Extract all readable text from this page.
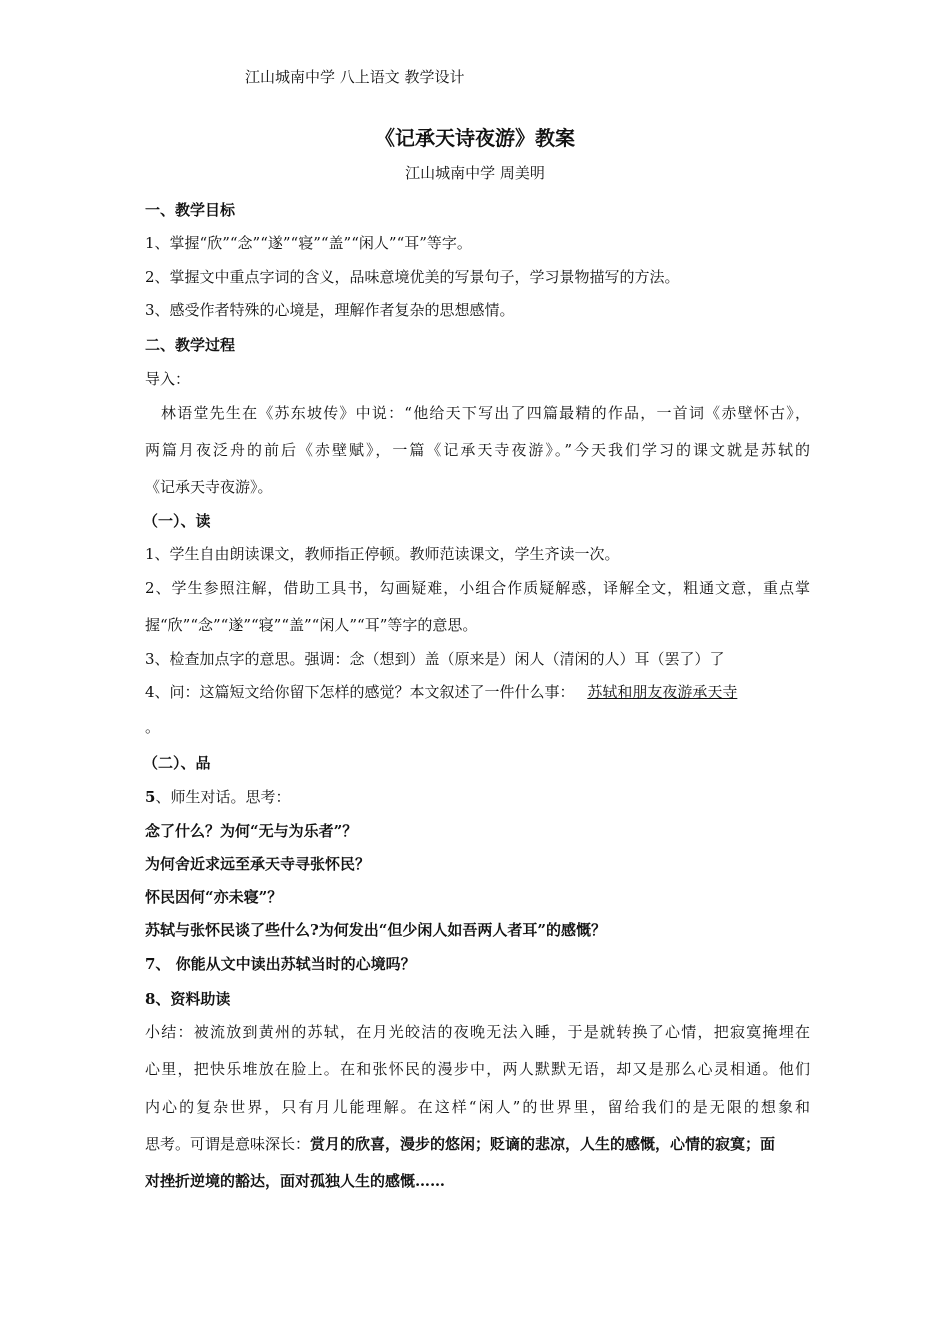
江山城南中学 八上语文 教学设计
《记承天诗夜游》教案
江山城南中学 周美明
一、教学目标
1、掌握“欣”“念”“遂”“寝”“盖”“闲人”“耳”等字。
2、掌握文中重点字词的含义，品味意境优美的写景句子，学习景物描写的方法。
3、感受作者特殊的心境是，理解作者复杂的思想感情。
二、教学过程
导入：
林语堂先生在《苏东坡传》中说：“他给天下写出了四篇最精的作品，一首词《赤壁怀古》，
两篇月夜泛舟的前后《赤壁赋》，一篇《记承天寺夜游》。”今天我们学习的课文就是苏轼的
《记承天寺夜游》。
（一）、读
1、学生自由朗读课文，教师指正停顿。教师范读课文，学生齐读一次。
2、学生参照注解，借助工具书，勾画疑难，小组合作质疑解惑，译解全文，粗通文意，重点掌
握“欣”“念”“遂”“寝”“盖”“闲人”“耳”等字的意思。
3、检查加点字的意思。强调：念（想到）盖（原来是）闲人（清闲的人）耳（罢了）了
4、问：这篇短文给你留下怎样的感觉？本文叙述了一件什么事： 苏轼和朋友夜游承天寺
。
（二）、品
5、师生对话。思考：
念了什么？为何“无与为乐者”？
为何舍近求远至承天寺寻张怀民？
怀民因何“亦未寝”？
苏轼与张怀民谈了些什么?为何发出“但少闲人如吾两人者耳”的感慨？
7、 你能从文中读出苏轼当时的心境吗？
8、资料助读
小结：被流放到黄州的苏轼，在月光皎洁的夜晚无法入睡，于是就转换了心情，把寂寞掩埋在
心里，把快乐堆放在脸上。在和张怀民的漫步中，两人默默无语，却又是那么心灵相通。他们
内心的复杂世界，只有月儿能理解。在这样“闲人”的世界里，留给我们的是无限的想象和
思考。可谓是意味深长：赏月的欣喜，漫步的悠闲；贬谪的悲凉，人生的感慨，心情的寂寞；面
对挫折逆境的豁达，面对孤独人生的感慨……
